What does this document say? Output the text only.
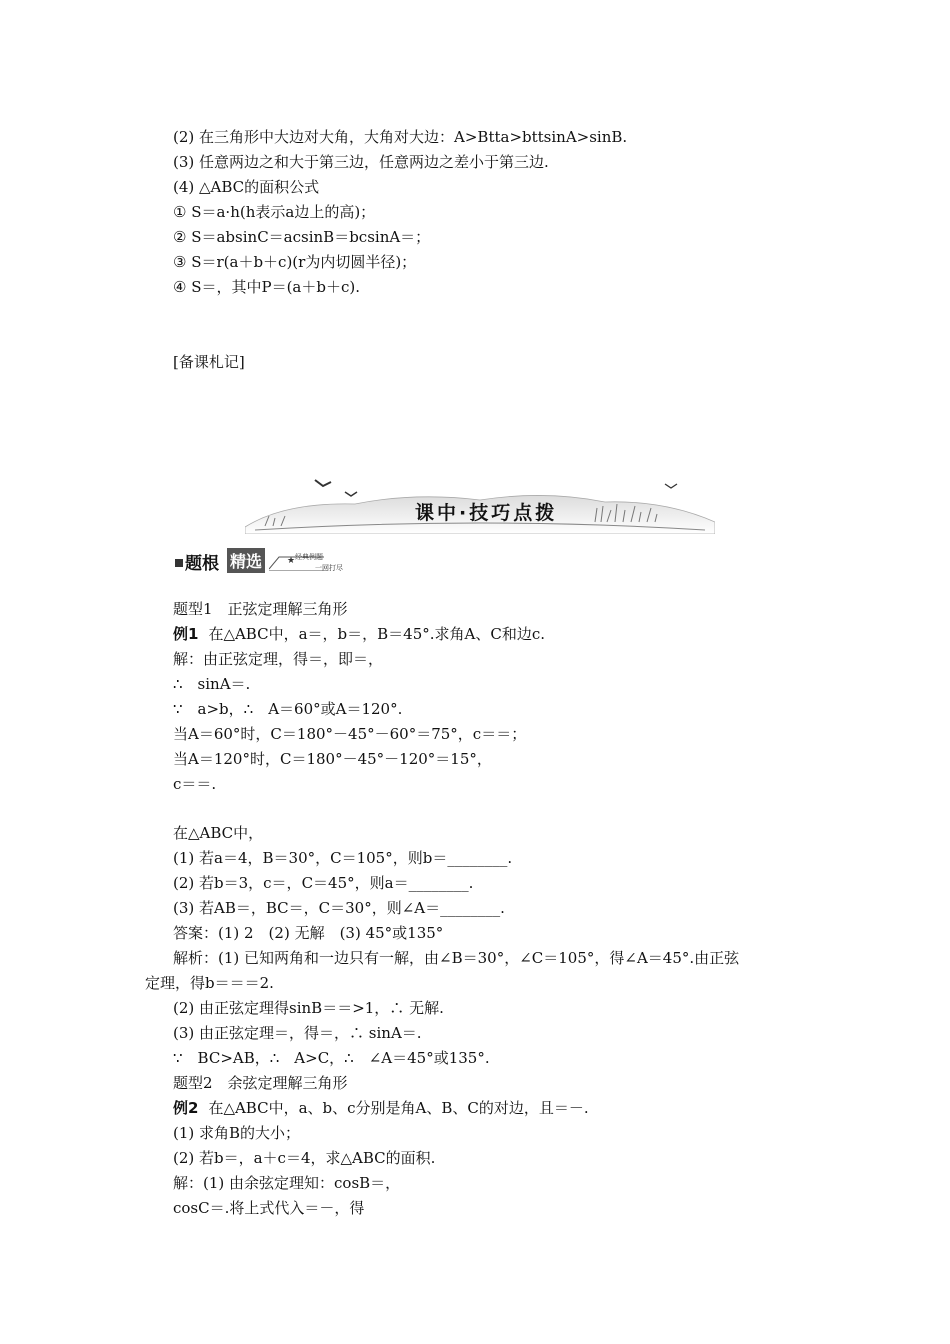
(2) 在三角形中大边对大角，大角对大边：A>Btta>bttsinA>sinB.
(3) 任意两边之和大于第三边，任意两边之差小于第三边.
(4) △ABC的面积公式
① S＝a·h(h表示a边上的高)；
② S＝absinC＝acsinB＝bcsinA＝；
③ S＝r(a＋b＋c)(r为内切圆半径)；
④ S＝，其中P＝(a＋b＋c).
[备课札记]
课中·技巧点拨
题根 精选	★ 经典例题
一网打尽
题型1　正弦定理解三角形
例1 在△ABC中，a＝，b＝，B＝45°.求角A、C和边c.
解：由正弦定理，得＝，即＝，
∴　sinA＝.
∵　a>b，∴　A＝60°或A＝120°.
当A＝60°时，C＝180°－45°－60°＝75°，c＝＝；
当A＝120°时，C＝180°－45°－120°＝15°，
c＝＝.
在△ABC中，
(1) 若a＝4，B＝30°，C＝105°，则b＝________.
(2) 若b＝3，c＝，C＝45°，则a＝________.
(3) 若AB＝，BC＝，C＝30°，则∠A＝________.
答案：(1) 2　(2) 无解　(3) 45°或135°
解析：(1) 已知两角和一边只有一解，由∠B＝30°，∠C＝105°，得∠A＝45°.由正弦
定理，得b＝＝＝2.
(2) 由正弦定理得sinB＝＝>1，∴ 无解.
(3) 由正弦定理＝，得＝，∴ sinA＝.
∵　BC>AB，∴　A>C，∴　∠A＝45°或135°.
题型2　余弦定理解三角形
例2 在△ABC中，a、b、c分别是角A、B、C的对边，且＝－.
(1) 求角B的大小；
(2) 若b＝，a＋c＝4，求△ABC的面积.
解：(1) 由余弦定理知：cosB＝，
cosC＝.将上式代入＝－，得
